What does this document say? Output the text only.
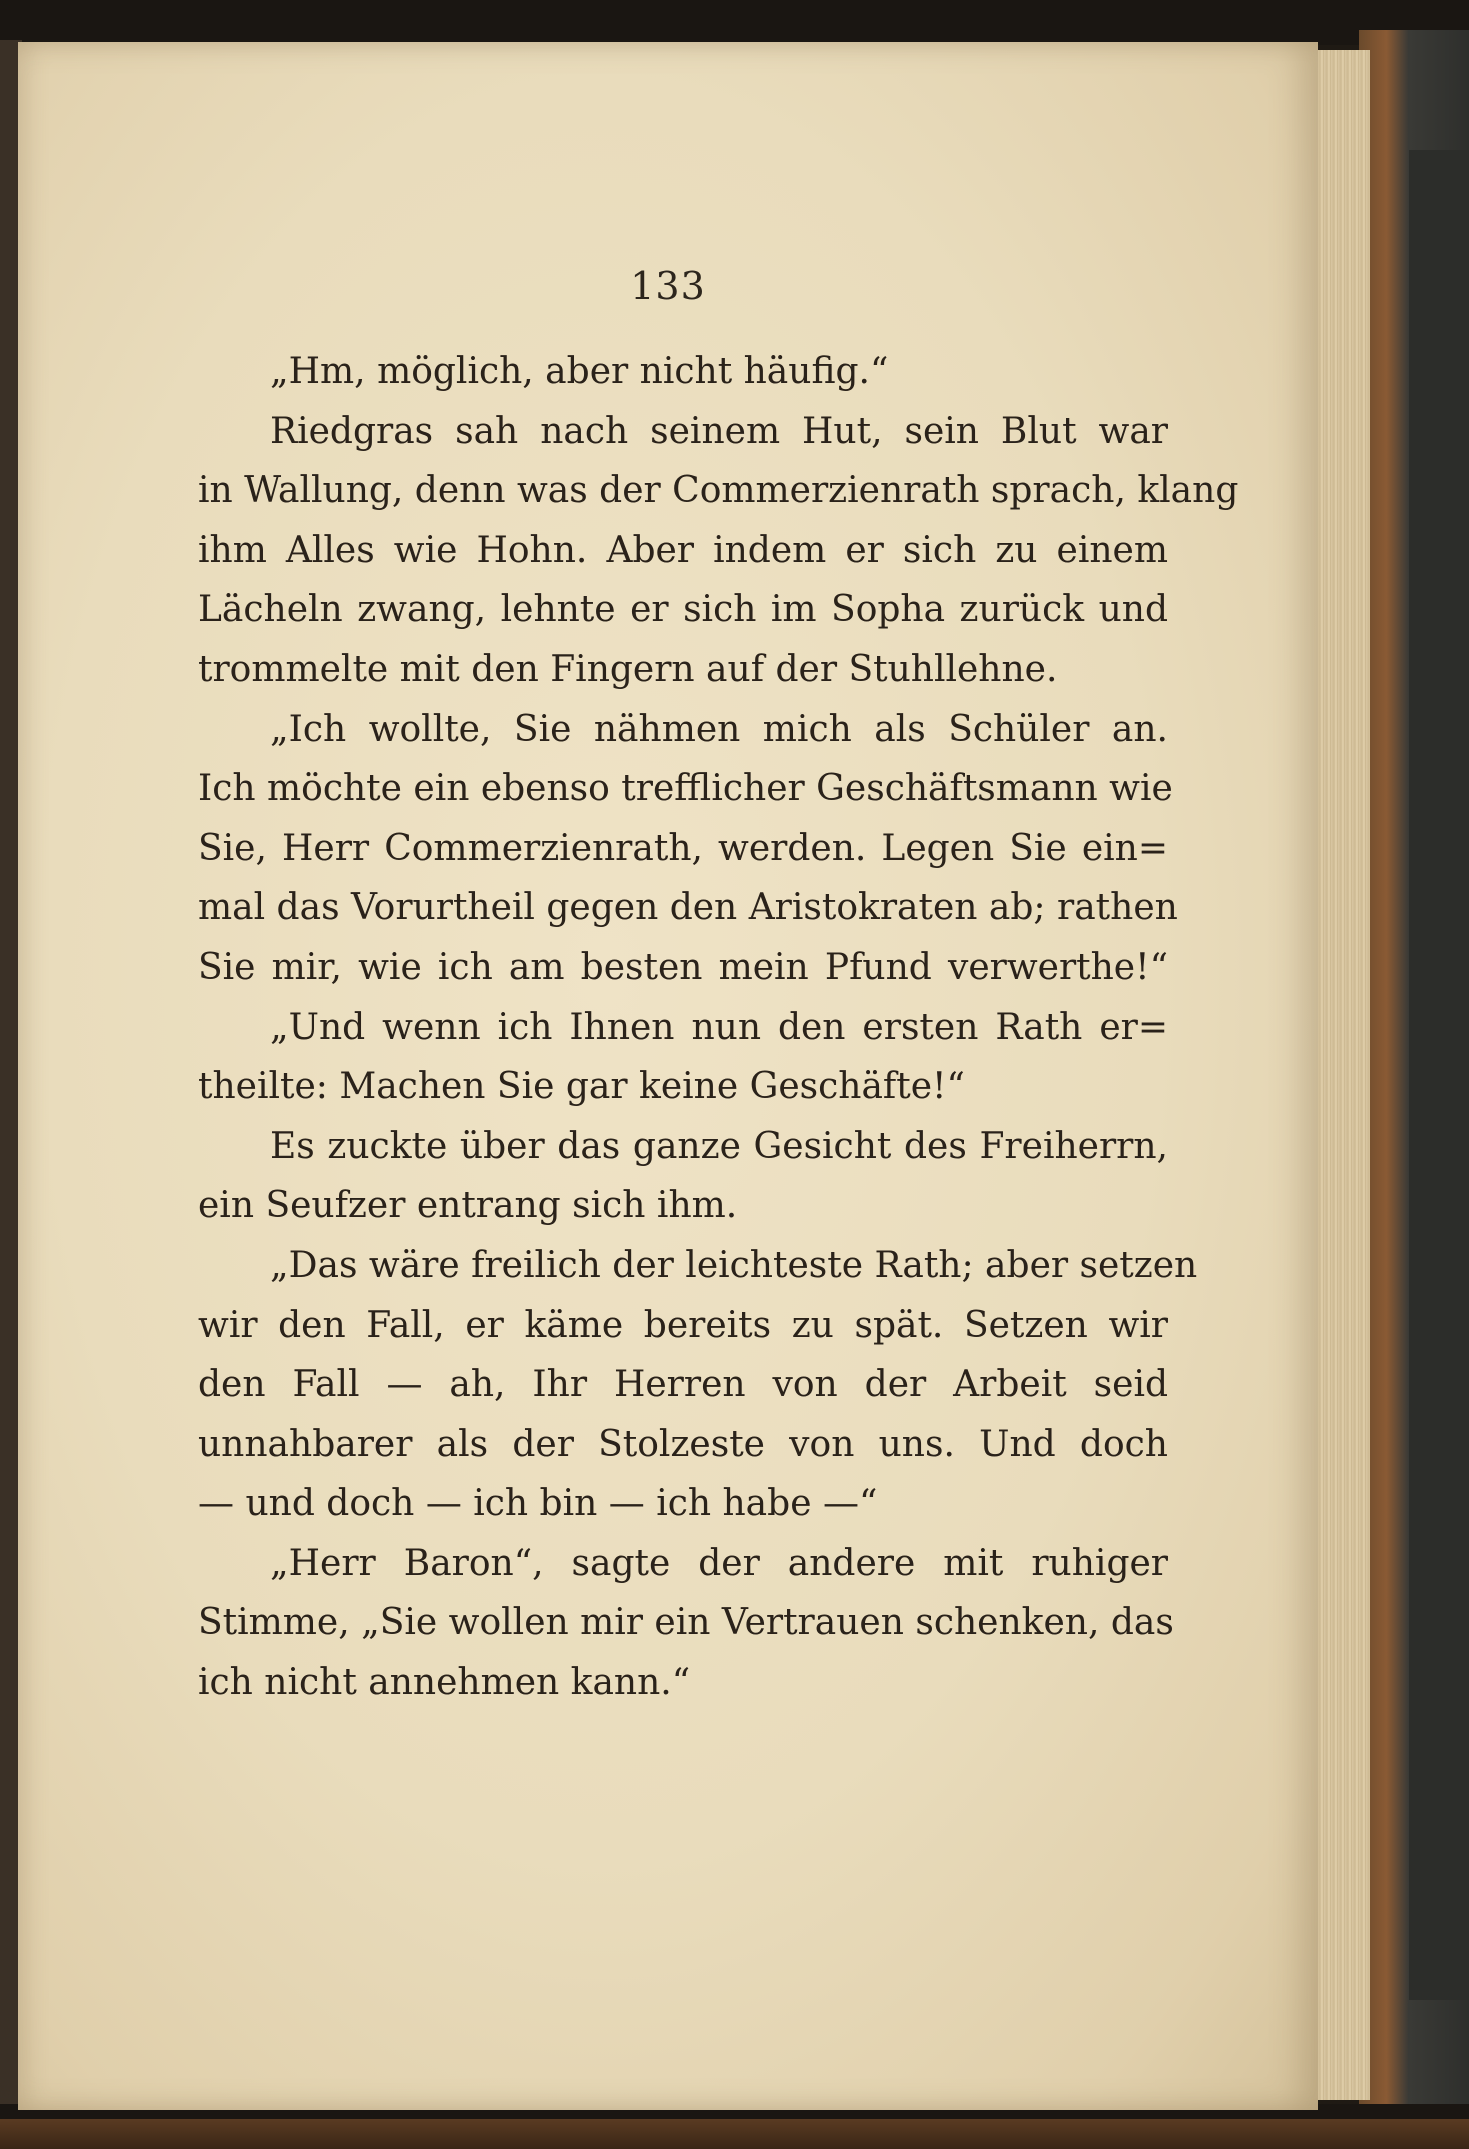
133
„Hm, möglich, aber nicht häufig.“
Riedgras sah nach seinem Hut, sein Blut war
in Wallung, denn was der Commerzienrath sprach, klang
ihm Alles wie Hohn. Aber indem er sich zu einem
Lächeln zwang, lehnte er sich im Sopha zurück und
trommelte mit den Fingern auf der Stuhllehne.
„Ich wollte, Sie nähmen mich als Schüler an.
Ich möchte ein ebenso trefflicher Geschäftsmann wie
Sie, Herr Commerzienrath, werden. Legen Sie ein=
mal das Vorurtheil gegen den Aristokraten ab; rathen
Sie mir, wie ich am besten mein Pfund verwerthe!“
„Und wenn ich Ihnen nun den ersten Rath er=
theilte: Machen Sie gar keine Geschäfte!“
Es zuckte über das ganze Gesicht des Freiherrn,
ein Seufzer entrang sich ihm.
„Das wäre freilich der leichteste Rath; aber setzen
wir den Fall, er käme bereits zu spät. Setzen wir
den Fall — ah, Ihr Herren von der Arbeit seid
unnahbarer als der Stolzeste von uns. Und doch
— und doch — ich bin — ich habe —“
„Herr Baron“, sagte der andere mit ruhiger
Stimme, „Sie wollen mir ein Vertrauen schenken, das
ich nicht annehmen kann.“
